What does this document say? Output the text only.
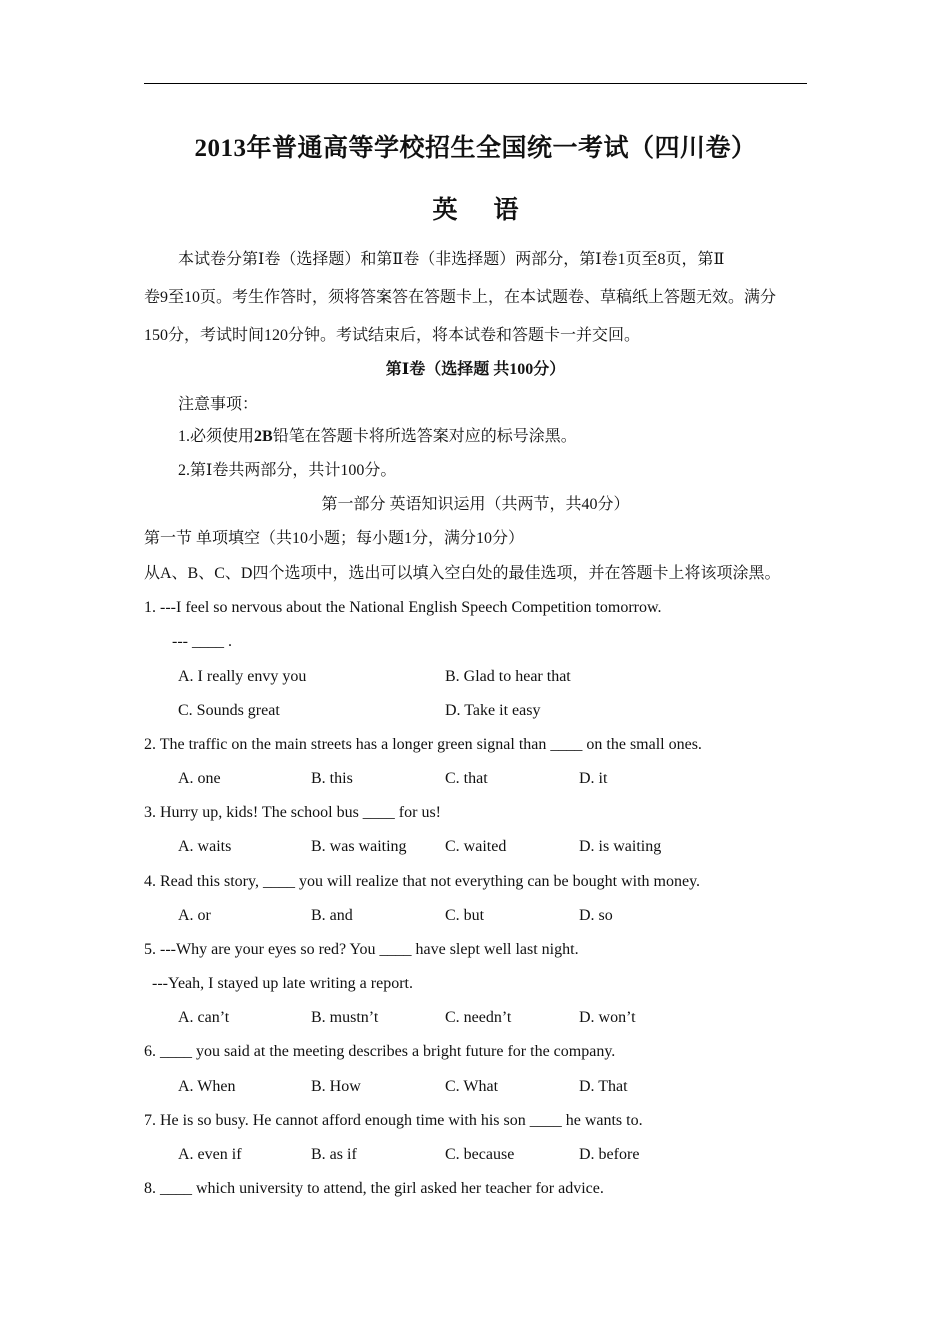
2013年普通高等学校招生全国统一考试（四川卷）
英 语
本试卷分第Ⅰ卷（选择题）和第Ⅱ卷（非选择题）两部分，第Ⅰ卷1页至8页，第Ⅱ
卷9至10页。考生作答时，须将答案答在答题卡上，在本试题卷、草稿纸上答题无效。满分
150分，考试时间120分钟。考试结束后，将本试卷和答题卡一并交回。
第Ⅰ卷（选择题 共100分）
注意事项：
1.必须使用2B铅笔在答题卡将所选答案对应的标号涂黑。
2.第Ⅰ卷共两部分，共计100分。
第一部分 英语知识运用（共两节，共40分）
第一节 单项填空（共10小题；每小题1分，满分10分）
从A、B、C、D四个选项中，选出可以填入空白处的最佳选项，并在答题卡上将该项涂黑。
1. ---I feel so nervous about the National English Speech Competition tomorrow.
--- ____ .
A. I really envy you	B. Glad to hear that
C. Sounds great	D. Take it easy
2. The traffic on the main streets has a longer green signal than ____ on the small ones.
A. one	B. this	C. that	D. it
3. Hurry up, kids! The school bus ____ for us!
A. waits	B. was waiting C. waited	D. is waiting
4. Read this story, ____ you will realize that not everything can be bought with money.
A. or	B. and	C. but	D. so
5. ---Why are your eyes so red? You ____ have slept well last night.
---Yeah, I stayed up late writing a report.
A. can’t	B. mustn’t	C. needn’t	D. won’t
6. ____ you said at the meeting describes a bright future for the company.
A. When	B. How	C. What	D. That
7. He is so busy. He cannot afford enough time with his son ____ he wants to.
A. even if	B. as if	C. because	D. before
8. ____ which university to attend, the girl asked her teacher for advice.
